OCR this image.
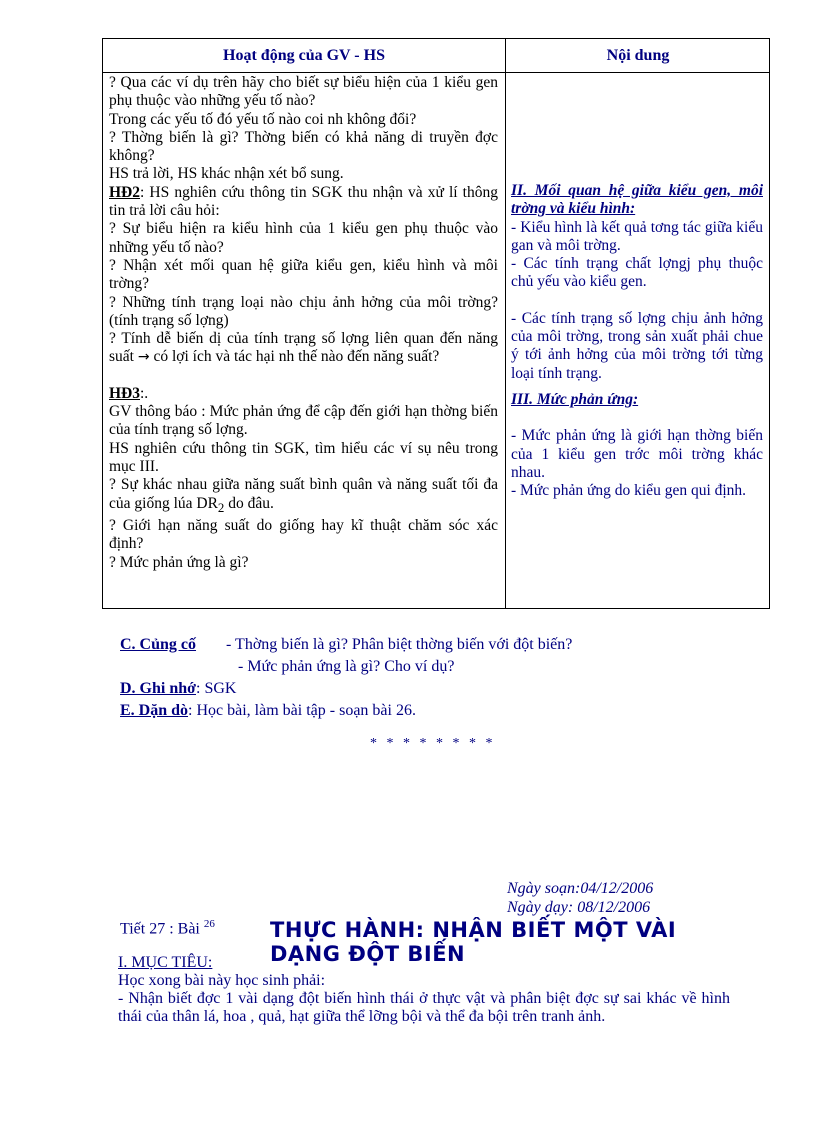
Hoạt động của GV - HS	Nội dung

? Qua các ví dụ trên hãy cho biết sự biểu hiện của 1 kiểu gen phụ thuộc vào những yếu tố nào?

Trong các yếu tố đó yếu tố nào coi nh không đổi?

? Thờng biến là gì? Thờng biến có khả năng di truyền đợc không?

HS trả lời, HS khác nhận xét bổ sung.

HĐ2: HS nghiên cứu thông tin SGK thu nhận và xử lí thông tin trả lời câu hỏi:

? Sự biểu hiện ra kiểu hình của 1 kiểu gen phụ thuộc vào những yếu tố nào?

? Nhận xét mối quan hệ giữa kiểu gen, kiểu hình và môi trờng?

? Những tính trạng loại nào chịu ảnh hởng của môi trờng? (tính trạng số lợng)

? Tính dễ biến dị của tính trạng số lợng liên quan đến năng suất → có lợi ích và tác hại nh thế nào đến năng suất?

HĐ3:.

GV thông báo : Mức phản ứng để cập đến giới hạn thờng biến của tính trạng số lợng.

HS nghiên cứu thông tin SGK, tìm hiểu các ví sụ nêu trong mục III.

? Sự khác nhau giữa năng suất bình quân và năng suất tối đa của giống lúa $DR_2$ do đâu.

? Giới hạn năng suất do giống hay kĩ thuật chăm sóc xác định?

? Mức phản ứng là gì?

II. Mối quan hệ giữa kiểu gen, môi trờng và kiểu hình:

- Kiểu hình là kết quả tơng tác giữa kiểu gan và môi trờng.

- Các tính trạng chất lợngj phụ thuộc chủ yếu vào kiểu gen.

- Các tính trạng số lợng chịu ảnh hởng của môi trờng, trong sản xuất phải chue ý tới ảnh hởng của môi trờng tới từng loại tính trạng.

III. Mức phản ứng:

- Mức phản ứng là giới hạn thờng biến của 1 kiểu gen trớc môi trờng khác nhau.

- Mức phản ứng do kiểu gen qui định.

C. Củng cố - Thờng biến là gì? Phân biệt thờng biến với đột biến?
- Mức phản ứng là gì? Cho ví dụ?
D. Ghi nhớ: SGK
E. Dặn dò: Học bài, làm bài tập - soạn bài 26.
* * * * * * * *
Ngày soạn:04/12/2006
Ngày dạy: 08/12/2006
Tiết 27 : Bài $^{26}$	THỰC HÀNH: NHẬN BIẾT MỘT VÀI DẠNG ĐỘT BIẾN
I. MỤC TIÊU:
Học xong bài này học sinh phải:
- Nhận biết đợc 1 vài dạng đột biến hình thái ở thực vật và phân biệt đợc sự sai khác về hình thái của thân lá, hoa , quả, hạt giữa thể lỡng bội và thể đa bội trên tranh ảnh.
